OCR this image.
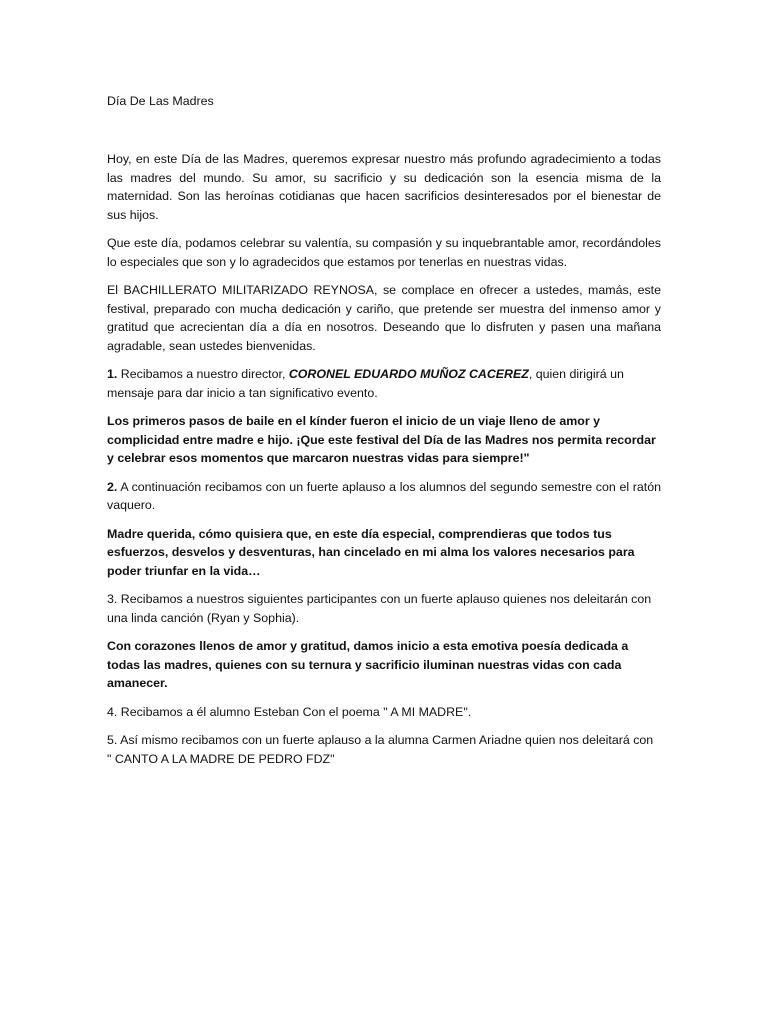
Día De Las Madres

Hoy, en este Día de las Madres, queremos expresar nuestro más profundo agradecimiento a todas las madres del mundo. Su amor, su sacrificio y su dedicación son la esencia misma de la maternidad. Son las heroínas cotidianas que hacen sacrificios desinteresados por el bienestar de sus hijos.

Que este día, podamos celebrar su valentía, su compasión y su inquebrantable amor, recordándoles lo especiales que son y lo agradecidos que estamos por tenerlas en nuestras vidas.

El BACHILLERATO MILITARIZADO REYNOSA, se complace en ofrecer a ustedes, mamás, este festival, preparado con mucha dedicación y cariño, que pretende ser muestra del inmenso amor y gratitud que acrecientan día a día en nosotros. Deseando que lo disfruten y pasen una mañana agradable, sean ustedes bienvenidas.

1. Recibamos a nuestro director, CORONEL EDUARDO MUÑOZ CACEREZ, quien dirigirá un mensaje para dar inicio a tan significativo evento.

Los primeros pasos de baile en el kínder fueron el inicio de un viaje lleno de amor y complicidad entre madre e hijo. ¡Que este festival del Día de las Madres nos permita recordar y celebrar esos momentos que marcaron nuestras vidas para siempre!"

2. A continuación recibamos con un fuerte aplauso a los alumnos del segundo semestre con el ratón vaquero.

Madre querida, cómo quisiera que, en este día especial, comprendieras que todos tus esfuerzos, desvelos y desventuras, han cincelado en mi alma los valores necesarios para poder triunfar en la vida…

3. Recibamos a nuestros siguientes participantes con un fuerte aplauso quienes nos deleitarán con una linda canción (Ryan y Sophia).

Con corazones llenos de amor y gratitud, damos inicio a esta emotiva poesía dedicada a todas las madres, quienes con su ternura y sacrificio iluminan nuestras vidas con cada amanecer.

4. Recibamos a él alumno Esteban Con el poema " A MI MADRE".

5. Así mismo recibamos con un fuerte aplauso a la alumna Carmen Ariadne quien nos deleitará con " CANTO A LA MADRE DE PEDRO FDZ"
